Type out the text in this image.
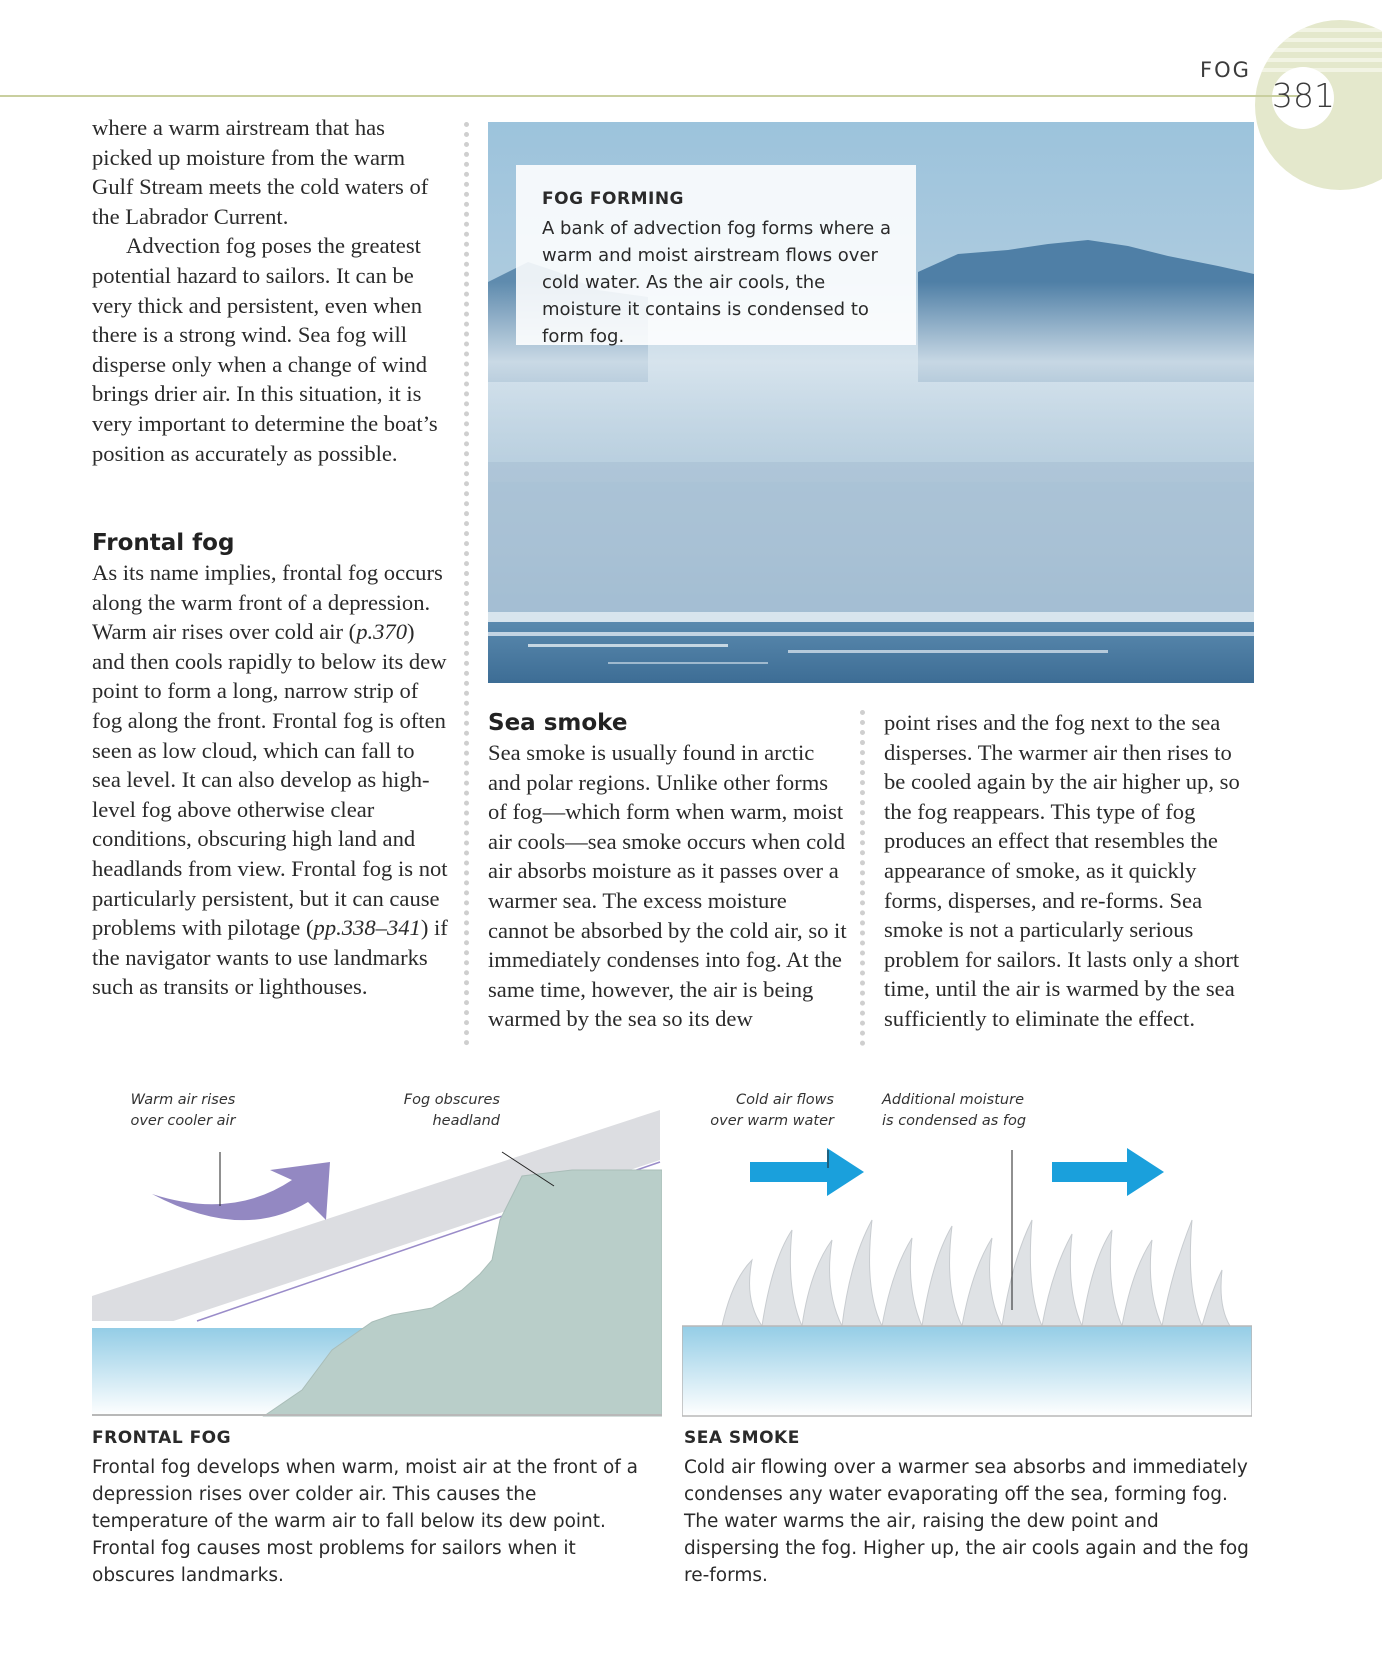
FOG
381

where a warm airstream that has picked up moisture from the warm Gulf Stream meets the cold waters of the Labrador Current.

Advection fog poses the greatest potential hazard to sailors. It can be very thick and persistent, even when there is a strong wind. Sea fog will disperse only when a change of wind brings drier air. In this situation, it is very important to determine the boat’s position as accurately as possible.

Frontal fog

As its name implies, frontal fog occurs along the warm front of a depression. Warm air rises over cold air (p.370) and then cools rapidly to below its dew point to form a long, narrow strip of fog along the front. Frontal fog is often seen as low cloud, which can fall to sea level. It can also develop as high-level fog above otherwise clear conditions, obscuring high land and headlands from view. Frontal fog is not particularly persistent, but it can cause problems with pilotage (pp.338–341) if the navigator wants to use landmarks such as transits or lighthouses.

FOG FORMING
A bank of advection fog forms where a warm and moist airstream flows over cold water. As the air cools, the moisture it contains is condensed to form fog.
Sea smoke

Sea smoke is usually found in arctic and polar regions. Unlike other forms of fog—which form when warm, moist air cools—sea smoke occurs when cold air absorbs moisture as it passes over a warmer sea. The excess moisture cannot be absorbed by the cold air, so it immediately condenses into fog. At the same time, however, the air is being warmed by the sea so its dew

point rises and the fog next to the sea disperses. The warmer air then rises to be cooled again by the air higher up, so the fog reappears. This type of fog produces an effect that resembles the appearance of smoke, as it quickly forms, disperses, and re-forms. Sea smoke is not a particularly serious problem for sailors. It lasts only a short time, until the air is warmed by the sea sufficiently to eliminate the effect.

Warm air rises
over cooler air
Fog obscures
headland
Cold air flows
over warm water
Additional moisture
is condensed as fog
FRONTAL FOG
Frontal fog develops when warm, moist air at the front of a depression rises over colder air. This causes the temperature of the warm air to fall below its dew point. Frontal fog causes most problems for sailors when it obscures landmarks.
SEA SMOKE
Cold air flowing over a warmer sea absorbs and immediately condenses any water evaporating off the sea, forming fog. The water warms the air, raising the dew point and dispersing the fog. Higher up, the air cools again and the fog re-forms.
